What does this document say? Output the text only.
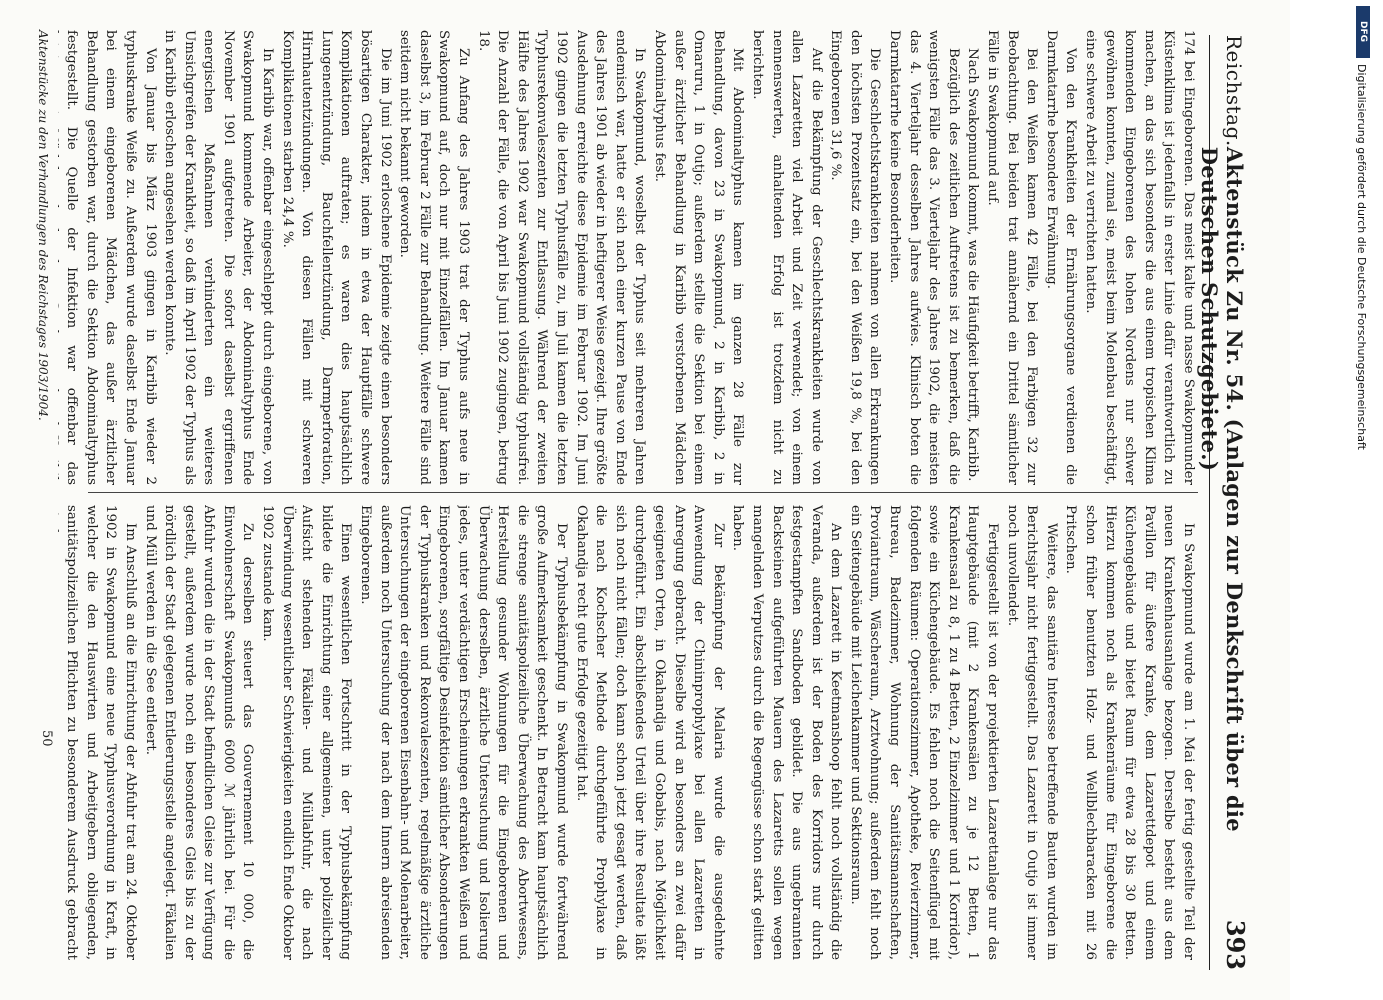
Reichstag.
Aktenstück Zu Nr. 54. (Anlagen zur Denkschrift über die Deutschen Schutzgebiete.)
393

174 bei Eingeborenen. Das meist kalte und nasse Swakopmunder Küstenklima ist jedenfalls in erster Linie dafür verantwortlich zu machen, an das sich besonders die aus einem tropischen Klima kommenden Eingeborenen des hohen Nordens nur schwer gewöhnen konnten, zumal sie, meist beim Molenbau beschäftigt, eine schwere Arbeit zu verrichten hatten.

Von den Krankheiten der Ernährungsorgane verdienen die Darmkatarrhe besondere Erwähnung.

Bei den Weißen kamen 42 Fälle, bei den Farbigen 32 zur Beobachtung. Bei beiden trat annähernd ein Drittel sämtlicher Fälle in Swakopmund auf.

Nach Swakopmund kommt, was die Häufigkeit betrifft, Karibib.

Bezüglich des zeitlichen Auftretens ist zu bemerken, daß die wenigsten Fälle das 3. Vierteljahr des Jahres 1902, die meisten das 4. Vierteljahr desselben Jahres aufwies. Klinisch boten die Darmkatarrhe keine Besonderheiten.

Die Geschlechtskrankheiten nahmen von allen Erkrankungen den höchsten Prozentsatz ein, bei den Weißen 19,8 %, bei den Eingeborenen 31,6 %.

Auf die Bekämpfung der Geschlechtskrankheiten wurde von allen Lazaretten viel Arbeit und Zeit verwendet; von einem nennenswerten, anhaltenden Erfolg ist trotzdem nicht zu berichten.

Mit Abdominaltyphus kamen im ganzen 28 Fälle zur Behandlung, davon 23 in Swakopmund, 2 in Karibib, 2 in Omaruru, 1 in Outjo; außerdem stellte die Sektion bei einem außer ärztlicher Behandlung in Karibib verstorbenen Mädchen Abdominaltyphus fest.

In Swakopmund, woselbst der Typhus seit mehreren Jahren endemisch war, hatte er sich nach einer kurzen Pause von Ende des Jahres 1901 ab wieder in heftigerer Weise gezeigt. Ihre größte Ausdehnung erreichte diese Epidemie im Februar 1902. Im Juni 1902 gingen die letzten Typhusfälle zu, im Juli kamen die letzten Typhusrekonvaleszenten zur Entlassung. Während der zweiten Hälfte des Jahres 1902 war Swakopmund vollständig typhusfrei. Die Anzahl der Fälle, die von April bis Juni 1902 zugingen, betrug 18.

Zu Anfang des Jahres 1903 trat der Typhus aufs neue in Swakopmund auf, doch nur mit Einzelfällen. Im Januar kamen daselbst 3, im Februar 2 Fälle zur Behandlung. Weitere Fälle sind seitdem nicht bekannt geworden.

Die im Juni 1902 erloschene Epidemie zeigte einen besonders bösartigen Charakter, indem in etwa der Hauptfälle schwere Komplikationen auftraten; es waren dies hauptsächlich Lungenentzündung, Bauchfellentzündung, Darmperforation, Hirnhautentzündungen. Von diesen Fällen mit schweren Komplikationen starben 24,4 %.

In Karibib war, offenbar eingeschleppt durch eingeborene, von Swakopmund kommende Arbeiter, der Abdominaltyphus Ende November 1901 aufgetreten. Die sofort daselbst ergriffenen energischen Maßnahmen verhinderten ein weiteres Umsichgreifen der Krankheit, so daß im April 1902 der Typhus als in Karibib erloschen angesehen werden konnte.

Von Januar bis März 1903 gingen in Karibib wieder 2 typhuskranke Weiße zu. Außerdem wurde daselbst Ende Januar bei einem eingeborenen Mädchen, das außer ärztlicher Behandlung gestorben war, durch die Sektion Abdominaltyphus festgestellt. Die Quelle der Infektion war offenbar das

In Swakopmund wurde am 1. Mai der fertig gestellte Teil der neuen Krankenhausanlage bezogen. Derselbe besteht aus dem Pavillon für äußere Kranke, dem Lazarettdepot und einem Küchengebäude und bietet Raum für etwa 28 bis 30 Betten. Hierzu kommen noch als Krankenräume für Eingeborene die schon früher benutzten Holz- und Wellblechbaracken mit 26 Pritschen.

Weitere, das sanitäre Interesse betreffende Bauten wurden im Berichtsjahr nicht fertiggestellt. Das Lazarett in Outjo ist immer noch unvollendet.

Fertiggestellt ist von der projektierten Lazarettanlage nur das Hauptgebäude (mit 2 Krankensälen zu je 12 Betten, 1 Krankensaal zu 8, 1 zu 4 Betten, 2 Einzelzimmer und 1 Korridor), sowie ein Küchengebäude. Es fehlen noch die Seitenflügel mit folgenden Räumen: Operationszimmer, Apotheke, Revierzimmer, Bureau, Badezimmer, Wohnung der Sanitätsmannschaften, Proviantraum, Wäscheraum, Arztwohnung; außerdem fehlt noch ein Seitengebäude mit Leichenkammer und Sektionsraum.

An dem Lazarett in Keetmanshoop fehlt noch vollständig die Veranda, außerdem ist der Boden des Korridors nur durch festgestampften Sandboden gebildet. Die aus ungebrannten Backsteinen aufgeführten Mauern des Lazaretts sollen wegen mangelnden Verputzes durch die Regengüsse schon stark gelitten haben.

Zur Bekämpfung der Malaria wurde die ausgedehnte Anwendung der Chininprophylaxe bei allen Lazaretten in Anregung gebracht. Dieselbe wird an besonders an zwei dafür geeigneten Orten, in Okahandja und Gobabis, nach Möglichkeit durchgeführt. Ein abschließendes Urteil über ihre Resultate läßt sich noch nicht fällen; doch kann schon jetzt gesagt werden, daß die nach Kochscher Methode durchgeführte Prophylaxe in Okahandja recht gute Erfolge gezeitigt hat.

Der Typhusbekämpfung in Swakopmund wurde fortwährend große Aufmerksamkeit geschenkt. In Betracht kam hauptsächlich die strenge sanitätspolizeiliche Überwachung des Abortwesens, Herstellung gesunder Wohnungen für die Eingeborenen und Überwachung derselben, ärztliche Untersuchung und Isolierung jedes, unter verdächtigen Erscheinungen erkrankten Weißen und Eingeborenen, sorgfältige Desinfektion sämtlicher Absonderungen der Typhuskranken und Rekonvaleszenten, regelmäßige ärztliche Untersuchungen der eingeborenen Eisenbahn- und Molenarbeiter, außerdem noch Untersuchung der nach dem Innern abreisenden Eingeborenen.

Einen wesentlichen Fortschritt in der Typhusbekämpfung bildete die Einrichtung einer allgemeinen, unter polizeilicher Aufsicht stehenden Fäkalien- und Müllabfuhr, die nach Überwindung wesentlicher Schwierigkeiten endlich Ende Oktober 1902 zustande kam.

Zu derselben steuert das Gouvernement 10 000, die Einwohnerschaft Swakopmunds 6000 ℳ jährlich bei. Für die Abfuhr wurden die in der Stadt befindlichen Gleise zur Verfügung gestellt, außerdem wurde noch ein besonderes Gleis bis zu der nördlich der Stadt gelegenen Entleerungsstelle angelegt. Fäkalien und Müll werden in die See entleert.

Im Anschluß an die Einrichtung der Abfuhr trat am 24. Oktober 1902 in Swakopmund eine neue Typhusverordnung in Kraft, in welcher die den Hauswirten und Arbeitgebern obliegenden, sanitätspolizeilichen Pflichten zu besonderem Ausdruck gebracht

Aktenstücke zu den Verhandlungen des Reichstages 1903/1904.
50
DFG
Digitalisierung gefördert durch die Deutsche Forschungsgemeinschaft
